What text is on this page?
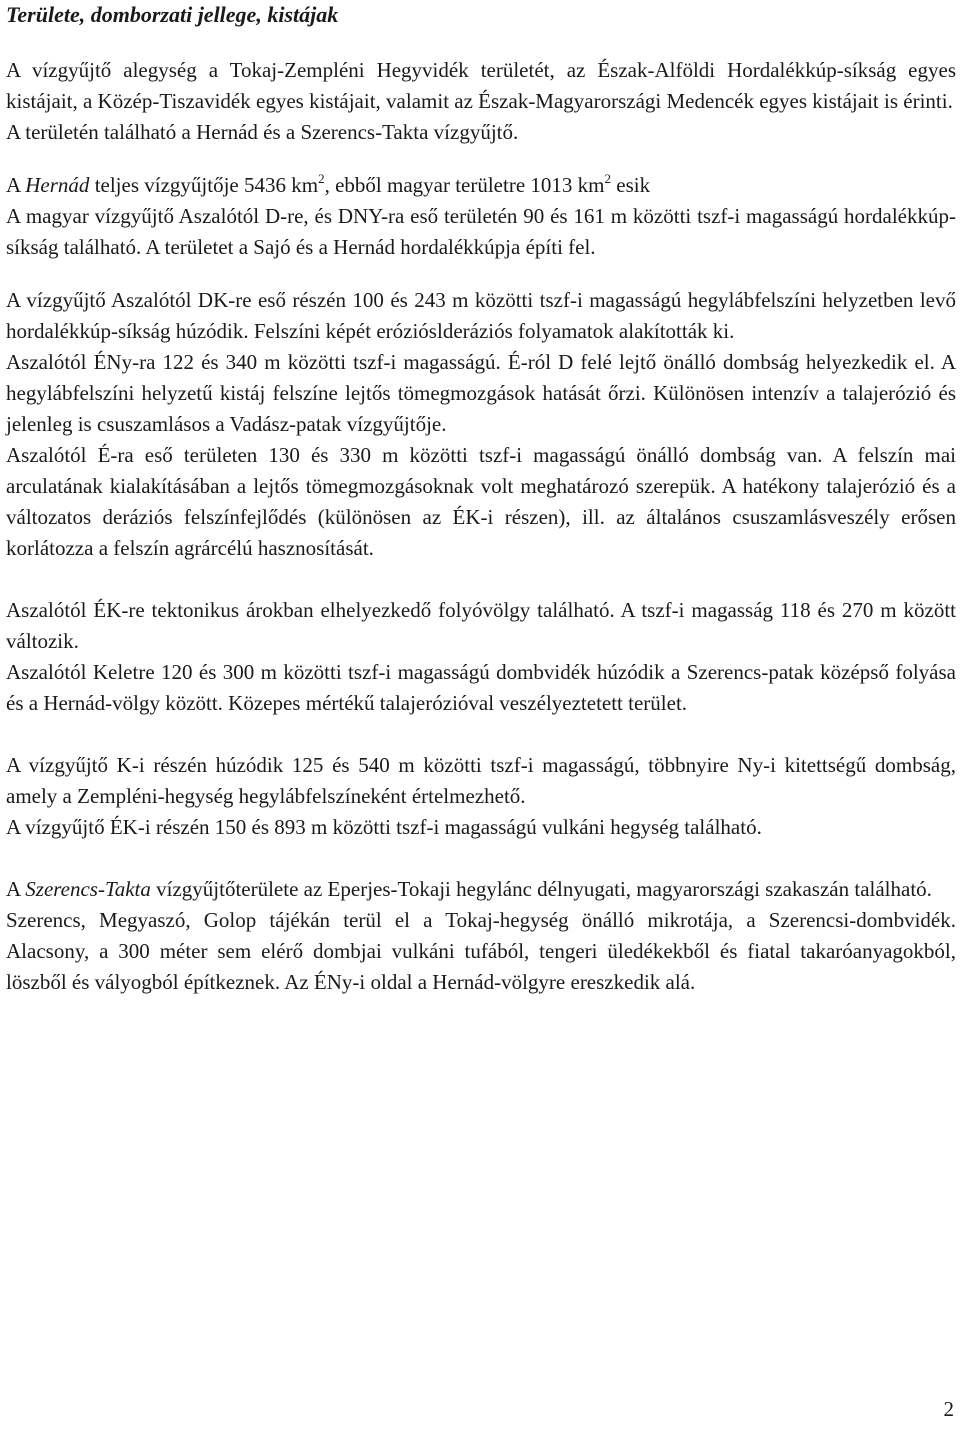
Területe, domborzati jellege, kistájak

A vízgyűjtő alegység a Tokaj-Zempléni Hegyvidék területét, az Észak-Alföldi Hordalékkúp-síkság egyes kistájait, a Közép-Tiszavidék egyes kistájait, valamit az Észak-Magyarországi Medencék egyes kistájait is érinti.

A területén található a Hernád és a Szerencs-Takta vízgyűjtő.

A Hernád teljes vízgyűjtője 5436 $km^2$, ebből magyar területre 1013 $km^2$ esik

A magyar vízgyűjtő Aszalótól D-re, és DNY-ra eső területén 90 és 161 m közötti tszf-i magasságú hordalékkúp-síkság található. A területet a Sajó és a Hernád hordalékkúpja építi fel.

A vízgyűjtő Aszalótól DK-re eső részén 100 és 243 m közötti tszf-i magasságú hegylábfelszíni helyzetben levő hordalékkúp-síkság húzódik. Felszíni képét erózióslderáziós folyamatok alakították ki.

Aszalótól ÉNy-ra 122 és 340 m közötti tszf-i magasságú. É-ról D felé lejtő önálló dombság helyezkedik el. A hegylábfelszíni helyzetű kistáj felszíne lejtős tömegmozgások hatását őrzi. Különösen intenzív a talajerózió és jelenleg is csuszamlásos a Vadász-patak vízgyűjtője.

Aszalótól É-ra eső területen 130 és 330 m közötti tszf-i magasságú önálló dombság van. A felszín mai arculatának kialakításában a lejtős tömegmozgásoknak volt meghatározó szerepük. A hatékony talajerózió és a változatos deráziós felszínfejlődés (különösen az ÉK-i részen), ill. az általános csuszamlásveszély erősen korlátozza a felszín agrárcélú hasznosítását.

Aszalótól ÉK-re tektonikus árokban elhelyezkedő folyóvölgy található. A tszf-i magasság 118 és 270 m között változik.

Aszalótól Keletre 120 és 300 m közötti tszf-i magasságú dombvidék húzódik a Szerencs-patak középső folyása és a Hernád-völgy között. Közepes mértékű talajerózióval veszélyeztetett terület.

A vízgyűjtő K-i részén húzódik 125 és 540 m közötti tszf-i magasságú, többnyire Ny-i kitettségű dombság, amely a Zempléni-hegység hegylábfelszíneként értelmezhető.

A vízgyűjtő ÉK-i részén 150 és 893 m közötti tszf-i magasságú vulkáni hegység található.

A Szerencs-Takta vízgyűjtőterülete az Eperjes-Tokaji hegylánc délnyugati, magyarországi szakaszán található.

Szerencs, Megyaszó, Golop tájékán terül el a Tokaj-hegység önálló mikrotája, a Szerencsi-dombvidék. Alacsony, a 300 méter sem elérő dombjai vulkáni tufából, tengeri üledékekből és fiatal takaróanyagokból, löszből és vályogból építkeznek. Az ÉNy-i oldal a Hernád-völgyre ereszkedik alá.

2
